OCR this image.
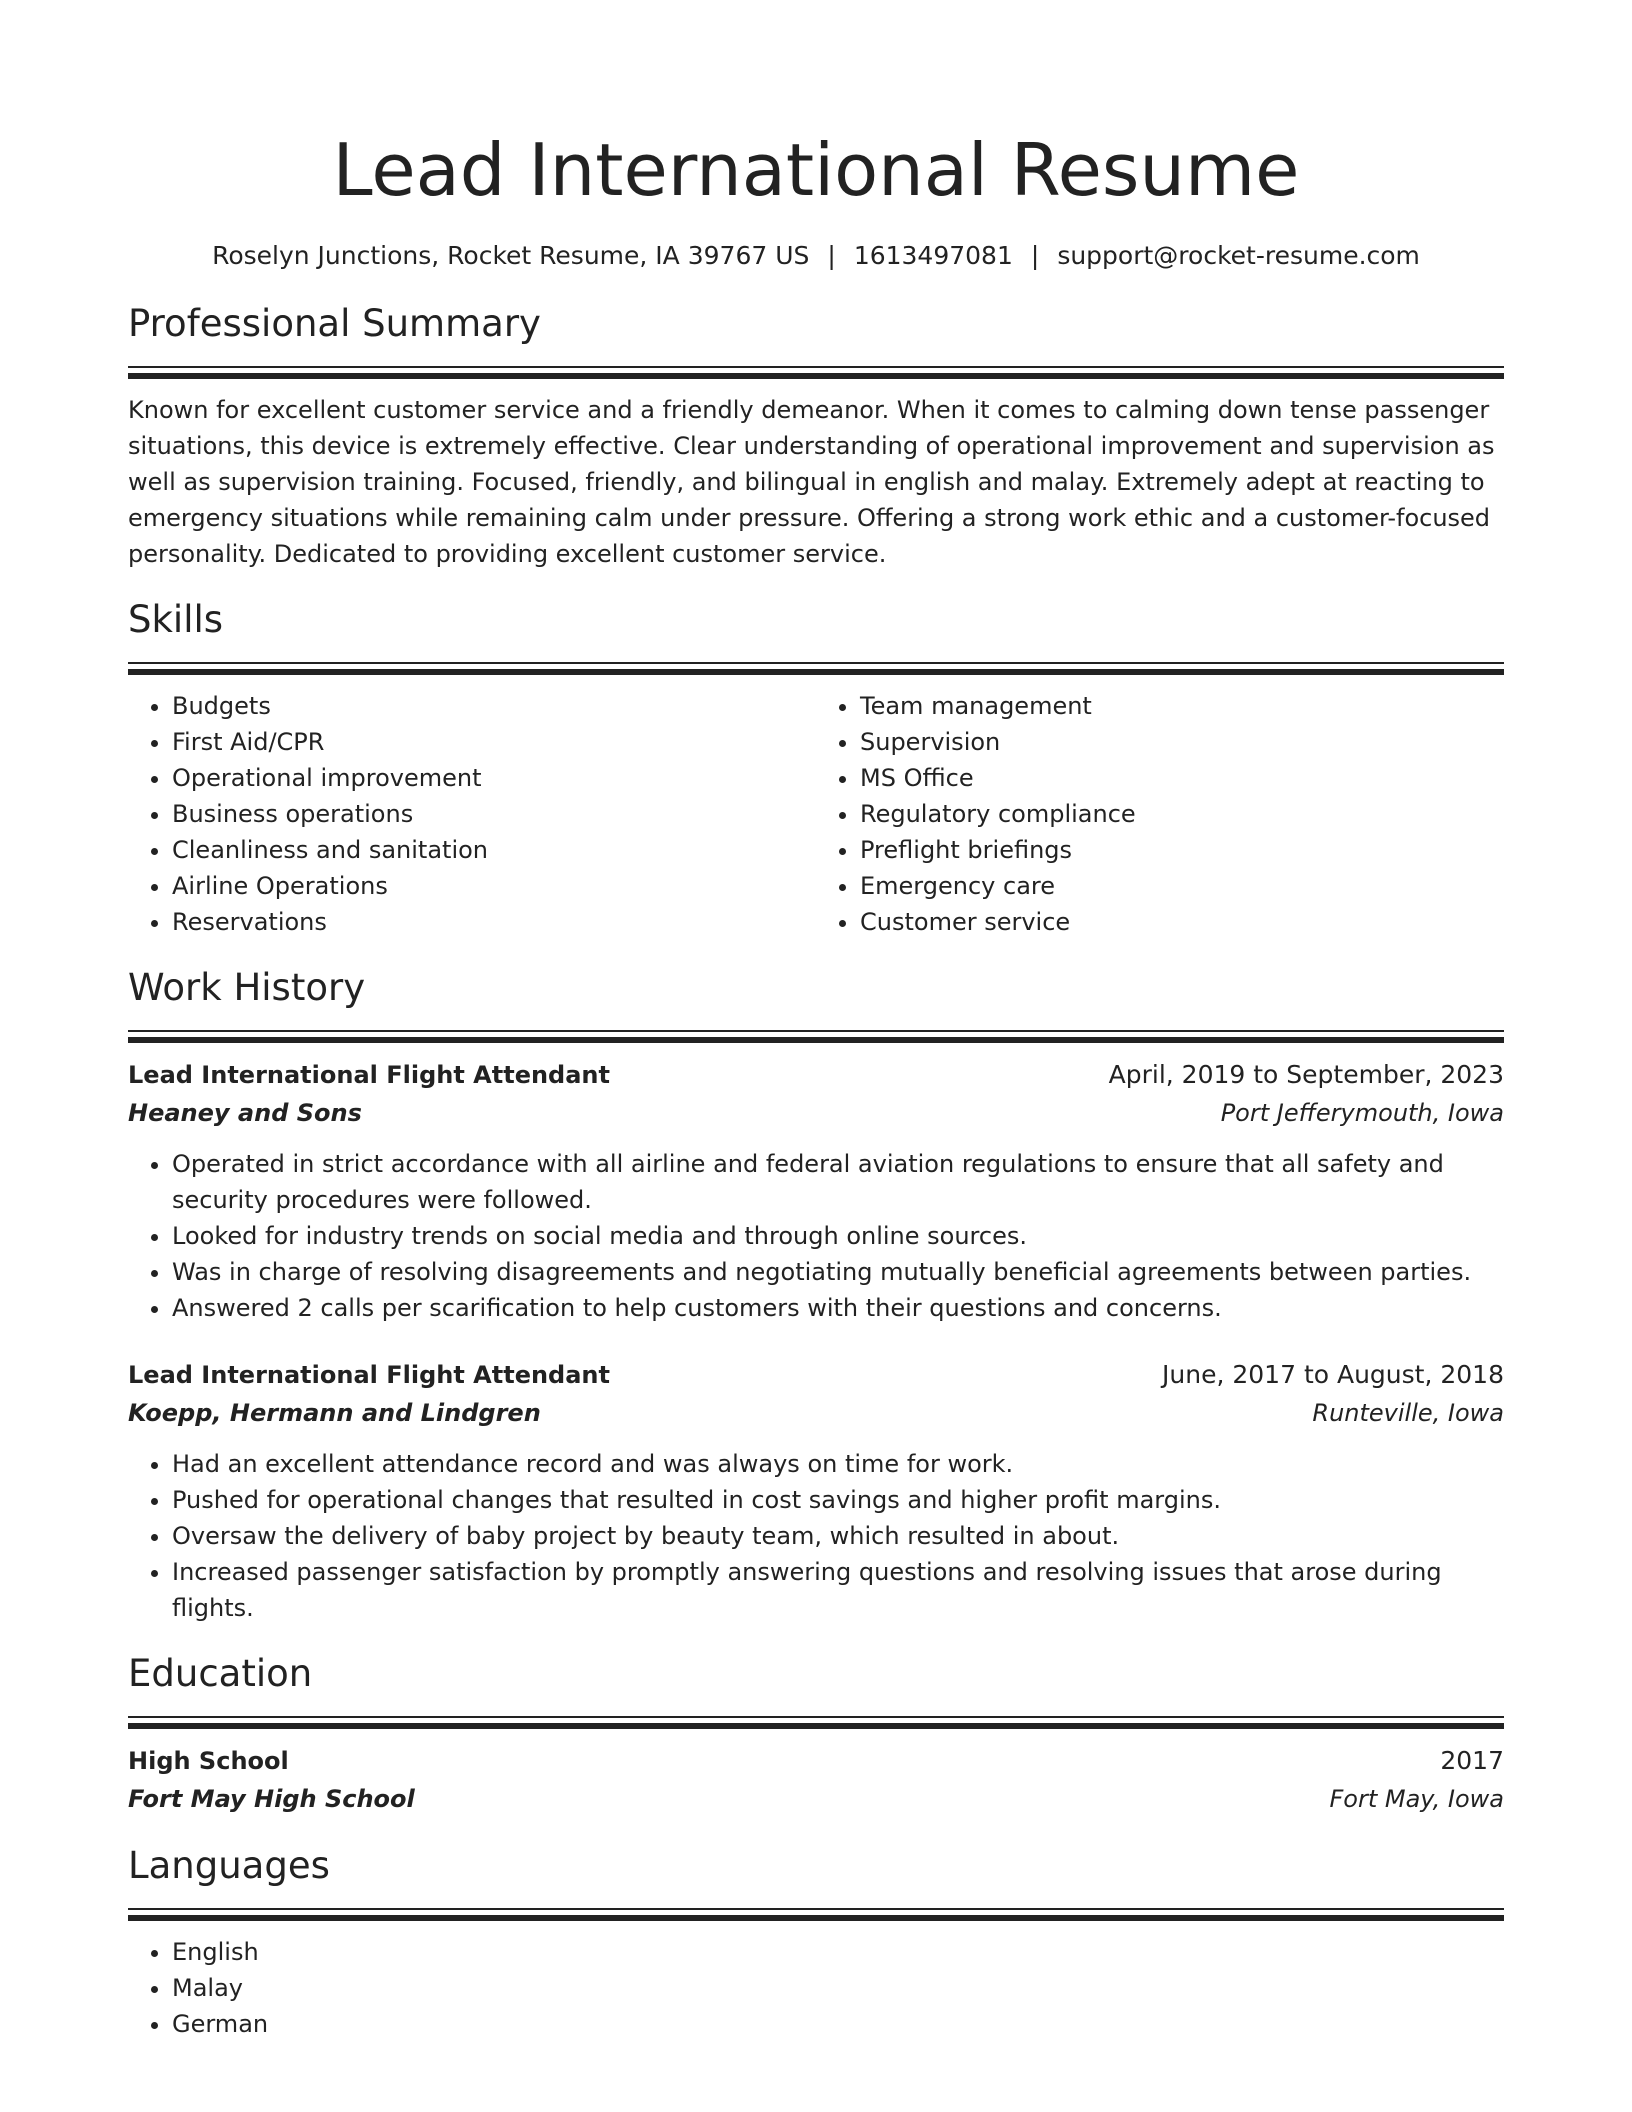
Lead International Resume
Roselyn Junctions, Rocket Resume, IA 39767 US | 1613497081 | support@rocket-resume.com
Professional Summary

Known for excellent customer service and a friendly demeanor. When it comes to calming down tense passenger situations, this device is extremely effective. Clear understanding of operational improvement and supervision as well as supervision training. Focused, friendly, and bilingual in english and malay. Extremely adept at reacting to emergency situations while remaining calm under pressure. Offering a strong work ethic and a customer-focused personality. Dedicated to providing excellent customer service.

Skills
• Budgets
• First Aid/CPR
• Operational improvement
• Business operations
• Cleanliness and sanitation
• Airline Operations
• Reservations
• Team management
• Supervision
• MS Office
• Regulatory compliance
• Preflight briefings
• Emergency care
• Customer service
Work History
Lead International Flight Attendant	April, 2019 to September, 2023
Heaney and Sons	Port Jefferymouth, Iowa
• Operated in strict accordance with all airline and federal aviation regulations to ensure that all safety and security procedures were followed.
• Looked for industry trends on social media and through online sources.
• Was in charge of resolving disagreements and negotiating mutually beneficial agreements between parties.
• Answered 2 calls per scarification to help customers with their questions and concerns.
Lead International Flight Attendant	June, 2017 to August, 2018
Koepp, Hermann and Lindgren	Runteville, Iowa
• Had an excellent attendance record and was always on time for work.
• Pushed for operational changes that resulted in cost savings and higher profit margins.
• Oversaw the delivery of baby project by beauty team, which resulted in about.
• Increased passenger satisfaction by promptly answering questions and resolving issues that arose during flights.
Education
High School	2017
Fort May High School	Fort May, Iowa
Languages
• English
• Malay
• German
